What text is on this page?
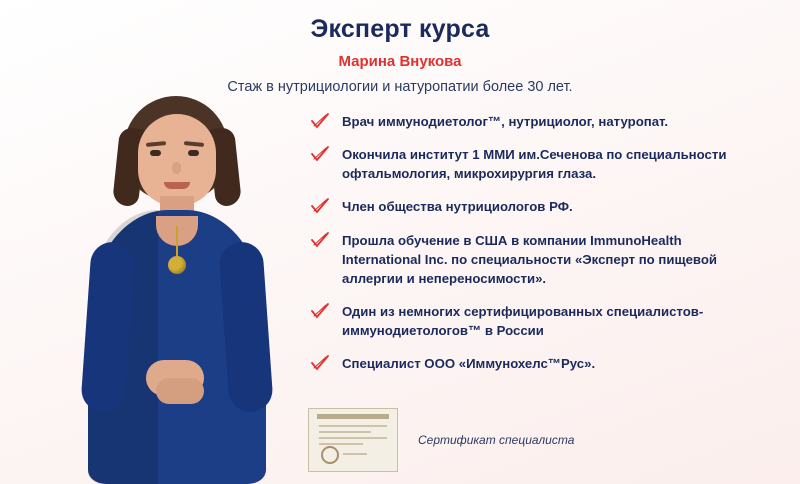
Эксперт курса
Марина Внукова
Стаж в нутрициологии и натуропатии более 30 лет.
Врач иммунодиетолог™, нутрициолог, натуропат.
Окончила институт 1 ММИ им.Сеченова по специальности офтальмология, микрохирургия глаза.
Член общества нутрициологов РФ.
Прошла обучение в США в компании ImmunoHealth International Inc. по специальности «Эксперт по пищевой аллергии и непереносимости».
Один из немногих сертифицированных специалистов-иммунодиетологов™ в России
Специалист ООО «Иммунохелс™Рус».
Сертификат специалиста
